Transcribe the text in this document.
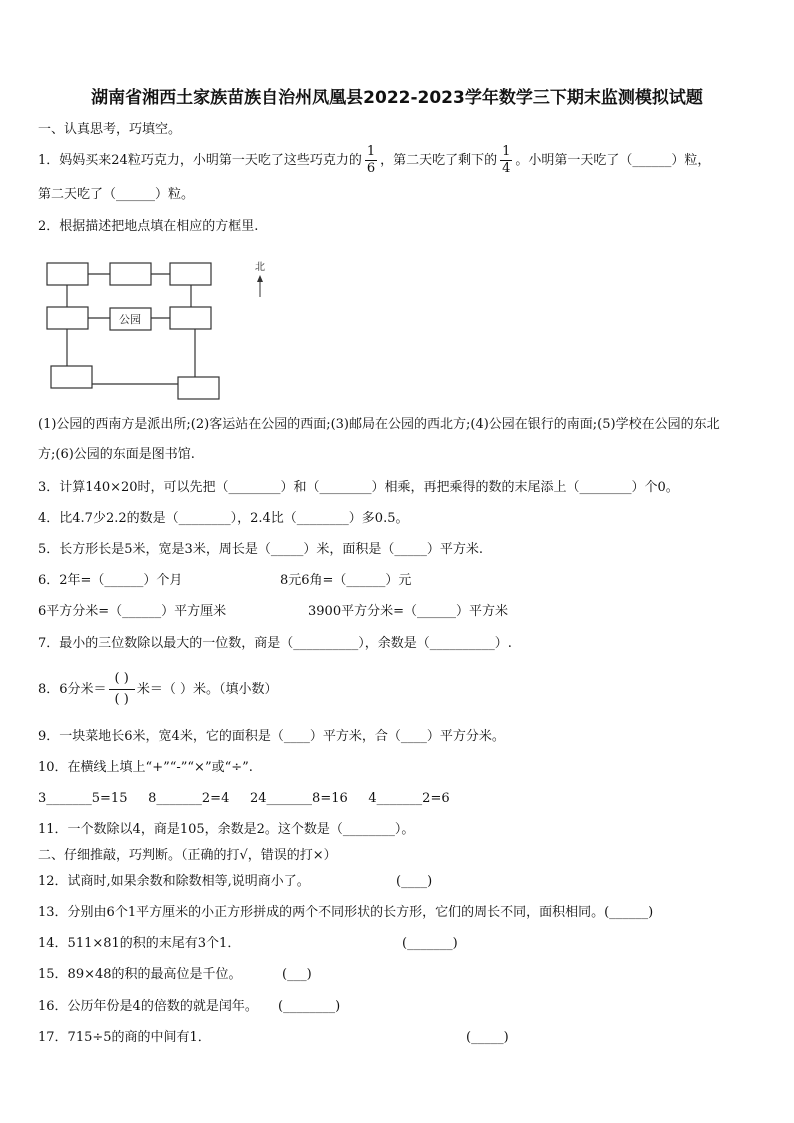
湖南省湘西土家族苗族自治州凤凰县2022-2023学年数学三下期末监测模拟试题
一、认真思考，巧填空。
1．妈妈买来24粒巧克力，小明第一天吃了这些巧克力的 $\frac{1}{6}$ ，第二天吃了剩下的 $\frac{1}{4}$ 。小明第一天吃了（______）粒，
第二天吃了（______）粒。
2．根据描述把地点填在相应的方框里.
公园
北
(1)公园的西南方是派出所;(2)客运站在公园的西面;(3)邮局在公园的西北方;(4)公园在银行的南面;(5)学校在公园的东北
方;(6)公园的东面是图书馆.
3．计算140×20时，可以先把（________）和（________）相乘，再把乘得的数的末尾添上（________）个0。
4．比4.7少2.2的数是（________），2.4比（________）多0.5。
5．长方形长是5米，宽是3米，周长是（_____）米，面积是（_____）平方米.
6．2年=（______）个月	8元6角=（______）元
6平方分米=（______）平方厘米	3900平方分米=（______）平方米
7．最小的三位数除以最大的一位数，商是（__________），余数是（__________）.
8．6分米＝ $\frac{( )}{( )}$ 米＝（ ）米。（填小数）
9．一块菜地长6米，宽4米，它的面积是（____）平方米，合（____）平方分米。
10．在横线上填上“+”“-”“×”或“÷”.
3_______5=15     8_______2=4     24_______8=16     4_______2=6
11．一个数除以4，商是105，余数是2。这个数是（________）。
二、仔细推敲，巧判断。（正确的打√，错误的打×）
12．试商时,如果余数和除数相等,说明商小了。	(____)
13．分别由6个1平方厘米的小正方形拼成的两个不同形状的长方形，它们的周长不同，面积相同。(______)
14．511×81的积的末尾有3个1．	(_______)
15．89×48的积的最高位是千位。	(___)
16．公历年份是4的倍数的就是闰年。 (________)
17．715÷5的商的中间有1．	(_____)
